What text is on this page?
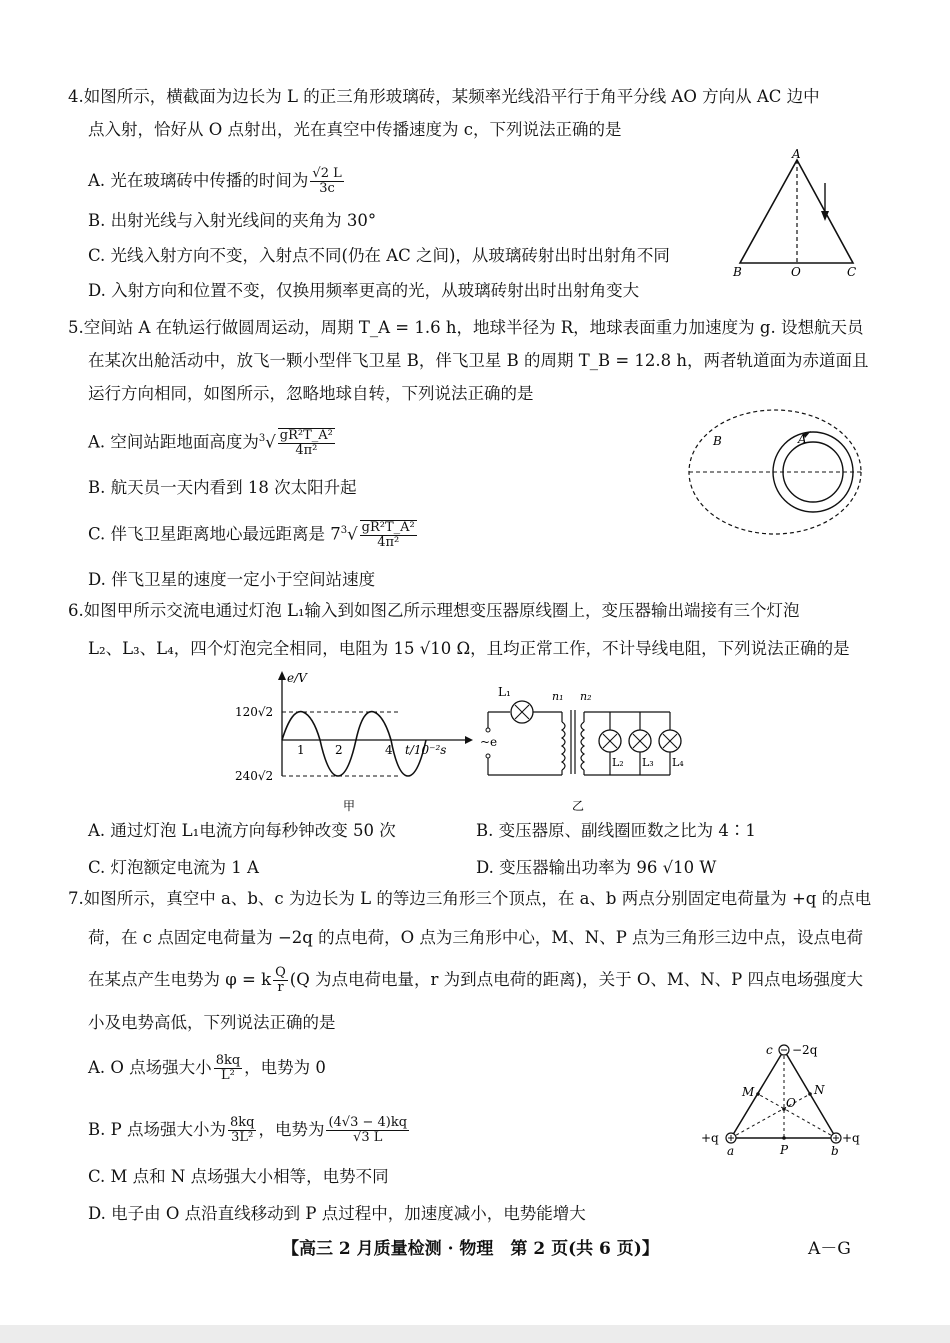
4.如图所示，横截面为边长为 L 的正三角形玻璃砖，某频率光线沿平行于角平分线 AO 方向从 AC 边中
点入射，恰好从 O 点射出，光在真空中传播速度为 c，下列说法正确的是
A. 光在玻璃砖中传播的时间为 $\frac{√2 L}{3c}$
B. 出射光线与入射光线间的夹角为 30°
C. 光线入射方向不变，入射点不同(仍在 AC 之间)，从玻璃砖射出时出射角不同
D. 入射方向和位置不变，仅换用频率更高的光，从玻璃砖射出时出射角变大
A
B	O	C
5.空间站 A 在轨运行做圆周运动，周期 T_A = 1.6 h，地球半径为 R，地球表面重力加速度为 g. 设想航天员
在某次出舱活动中，放飞一颗小型伴飞卫星 B，伴飞卫星 B 的周期 T_B = 12.8 h，两者轨道面为赤道面且
运行方向相同，如图所示，忽略地球自转，下列说法正确的是
A. 空间站距地面高度为$^3√ \frac{\text{gR²T\_A²}}{\text{4π²}}$
B. 航天员一天内看到 18 次太阳升起
C. 伴飞卫星距离地心最远距离是 $7^3√ \frac{\text{gR²T\_A²}}{\text{4π²}}$
D. 伴飞卫星的速度一定小于空间站速度
B	A
6.如图甲所示交流电通过灯泡 L₁输入到如图乙所示理想变压器原线圈上，变压器输出端接有三个灯泡
L₂、L₃、L₄，四个灯泡完全相同，电阻为 15 √10 Ω，且均正常工作，不计导线电阻，下列说法正确的是
e/V
120√2
240√2
1	2	4 t/10⁻²s
甲
L₁	n₁ n₂
~e
L₂ L₃ L₄
乙
A. 通过灯泡 L₁电流方向每秒钟改变 50 次	B. 变压器原、副线圈匝数之比为 4∶1
C. 灯泡额定电流为 1 A	D. 变压器输出功率为 96 √10 W
7.如图所示，真空中 a、b、c 为边长为 L 的等边三角形三个顶点，在 a、b 两点分别固定电荷量为 +q 的点电
荷，在 c 点固定电荷量为 −2q 的点电荷，O 点为三角形中心，M、N、P 点为三角形三边中点，设点电荷
在某点产生电势为 φ = k $\frac{Q}{r} (Q$ 为点电荷电量，r 为到点电荷的距离)，关于 O、M、N、P 四点电场强度大
小及电势高低，下列说法正确的是
A. O 点场强大小 $\frac{8kq}{\text{L²}}$ ，电势为 0
B. P 点场强大小为 $\frac{8kq}{\text{3L²}}$ ，电势为 $\frac{(4√3 - 4)kq}{√3 L}$
C. M 点和 N 点场强大小相等，电势不同
D. 电子由 O 点沿直线移动到 P 点过程中，加速度减小，电势能增大
c −2q
+q
a
+q
b
P
M	N
O
【高三 2 月质量检测 · 物理　第 2 页(共 6 页)】	A－G
